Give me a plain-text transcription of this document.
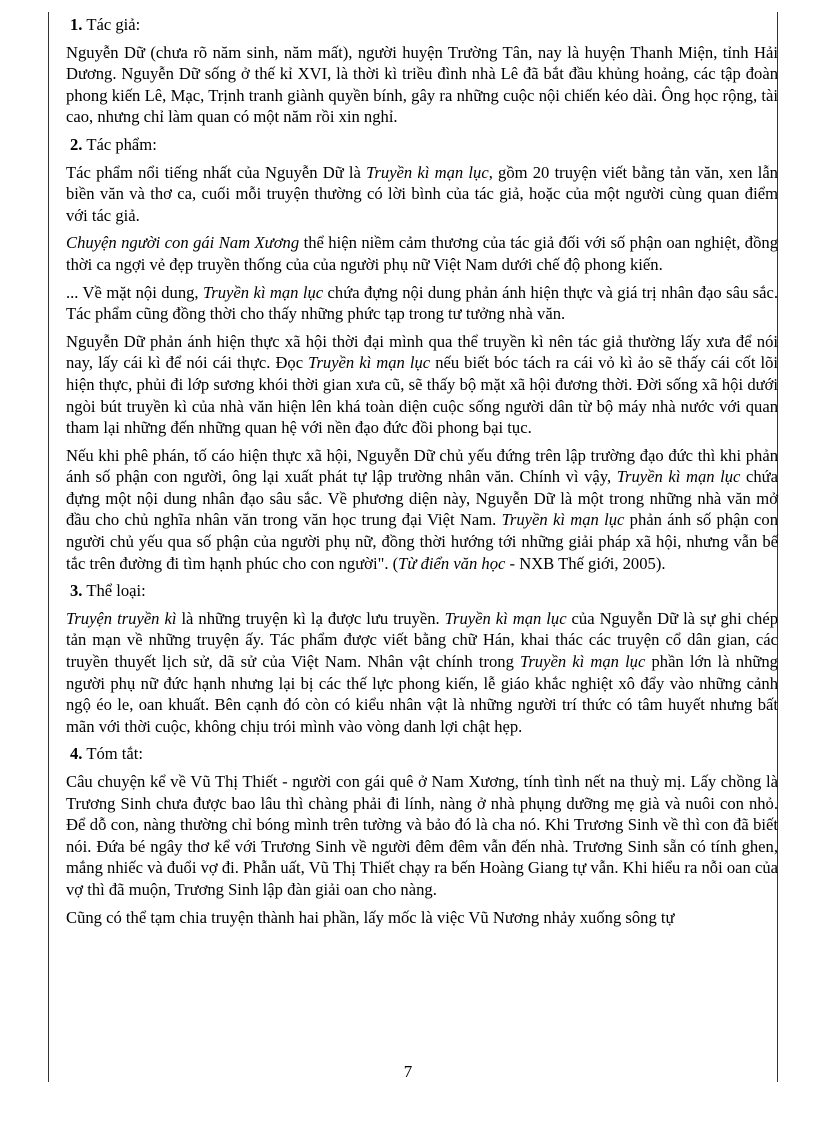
1. Tác giả:

Nguyễn Dữ (chưa rõ năm sinh, năm mất), người huyện Trường Tân, nay là huyện Thanh Miện, tỉnh Hải Dương. Nguyễn Dữ sống ở thế kỉ XVI, là thời kì triều đình nhà Lê đã bắt đầu khủng hoảng, các tập đoàn phong kiến Lê, Mạc, Trịnh tranh giành quyền bính, gây ra những cuộc nội chiến kéo dài. Ông học rộng, tài cao, nhưng chỉ làm quan có một năm rồi xin nghỉ.

2. Tác phẩm:

Tác phẩm nổi tiếng nhất của Nguyễn Dữ là Truyền kì mạn lục, gồm 20 truyện viết bằng tản văn, xen lẫn biền văn và thơ ca, cuối mỗi truyện thường có lời bình của tác giả, hoặc của một người cùng quan điểm với tác giả.

Chuyện người con gái Nam Xương thể hiện niềm cảm thương của tác giả đối với số phận oan nghiệt, đồng thời ca ngợi vẻ đẹp truyền thống của của người phụ nữ Việt Nam dưới chế độ phong kiến.

... Về mặt nội dung, Truyền kì mạn lục chứa đựng nội dung phản ánh hiện thực và giá trị nhân đạo sâu sắc. Tác phẩm cũng đồng thời cho thấy những phức tạp trong tư tưởng nhà văn.

Nguyễn Dữ phản ánh hiện thực xã hội thời đại mình qua thể truyền kì nên tác giả thường lấy xưa để nói nay, lấy cái kì để nói cái thực. Đọc Truyền kì mạn lục nếu biết bóc tách ra cái vỏ kì ảo sẽ thấy cái cốt lõi hiện thực, phủi đi lớp sương khói thời gian xưa cũ, sẽ thấy bộ mặt xã hội đương thời. Đời sống xã hội dưới ngòi bút truyền kì của nhà văn hiện lên khá toàn diện cuộc sống người dân từ bộ máy nhà nước với quan tham lại những đến những quan hệ với nền đạo đức đồi phong bại tục.

Nếu khi phê phán, tố cáo hiện thực xã hội, Nguyễn Dữ chủ yếu đứng trên lập trường đạo đức thì khi phản ánh số phận con người, ông lại xuất phát tự lập trường nhân văn. Chính vì vậy, Truyền kì mạn lục chứa đựng một nội dung nhân đạo sâu sắc. Về phương diện này, Nguyễn Dữ là một trong những nhà văn mở đầu cho chủ nghĩa nhân văn trong văn học trung đại Việt Nam. Truyền kì mạn lục phản ánh số phận con người chủ yếu qua số phận của người phụ nữ, đồng thời hướng tới những giải pháp xã hội, nhưng vẫn bế tắc trên đường đi tìm hạnh phúc cho con người". (Từ điển văn học - NXB Thế giới, 2005).

3. Thể loại:

Truyện truyền kì là những truyện kì lạ được lưu truyền. Truyền kì mạn lục của Nguyễn Dữ là sự ghi chép tản mạn về những truyện ấy. Tác phẩm được viết bằng chữ Hán, khai thác các truyện cổ dân gian, các truyền thuyết lịch sử, dã sử của Việt Nam. Nhân vật chính trong Truyền kì mạn lục phần lớn là những người phụ nữ đức hạnh nhưng lại bị các thế lực phong kiến, lễ giáo khắc nghiệt xô đẩy vào những cảnh ngộ éo le, oan khuất. Bên cạnh đó còn có kiểu nhân vật là những người trí thức có tâm huyết nhưng bất mãn với thời cuộc, không chịu trói mình vào vòng danh lợi chật hẹp.

4. Tóm tắt:

Câu chuyện kể về Vũ Thị Thiết - người con gái quê ở Nam Xương, tính tình nết na thuỳ mị. Lấy chồng là Trương Sinh chưa được bao lâu thì chàng phải đi lính, nàng ở nhà phụng dưỡng mẹ già và nuôi con nhỏ. Để dỗ con, nàng thường chỉ bóng mình trên tường và bảo đó là cha nó. Khi Trương Sinh về thì con đã biết nói. Đứa bé ngây thơ kể với Trương Sinh về người đêm đêm vẫn đến nhà. Trương Sinh sẵn có tính ghen, mắng nhiếc và đuổi vợ đi. Phẫn uất, Vũ Thị Thiết chạy ra bến Hoàng Giang tự vẫn. Khi hiểu ra nỗi oan của vợ thì đã muộn, Trương Sinh lập đàn giải oan cho nàng.

Cũng có thể tạm chia truyện thành hai phần, lấy mốc là việc Vũ Nương nhảy xuống sông tự

7
